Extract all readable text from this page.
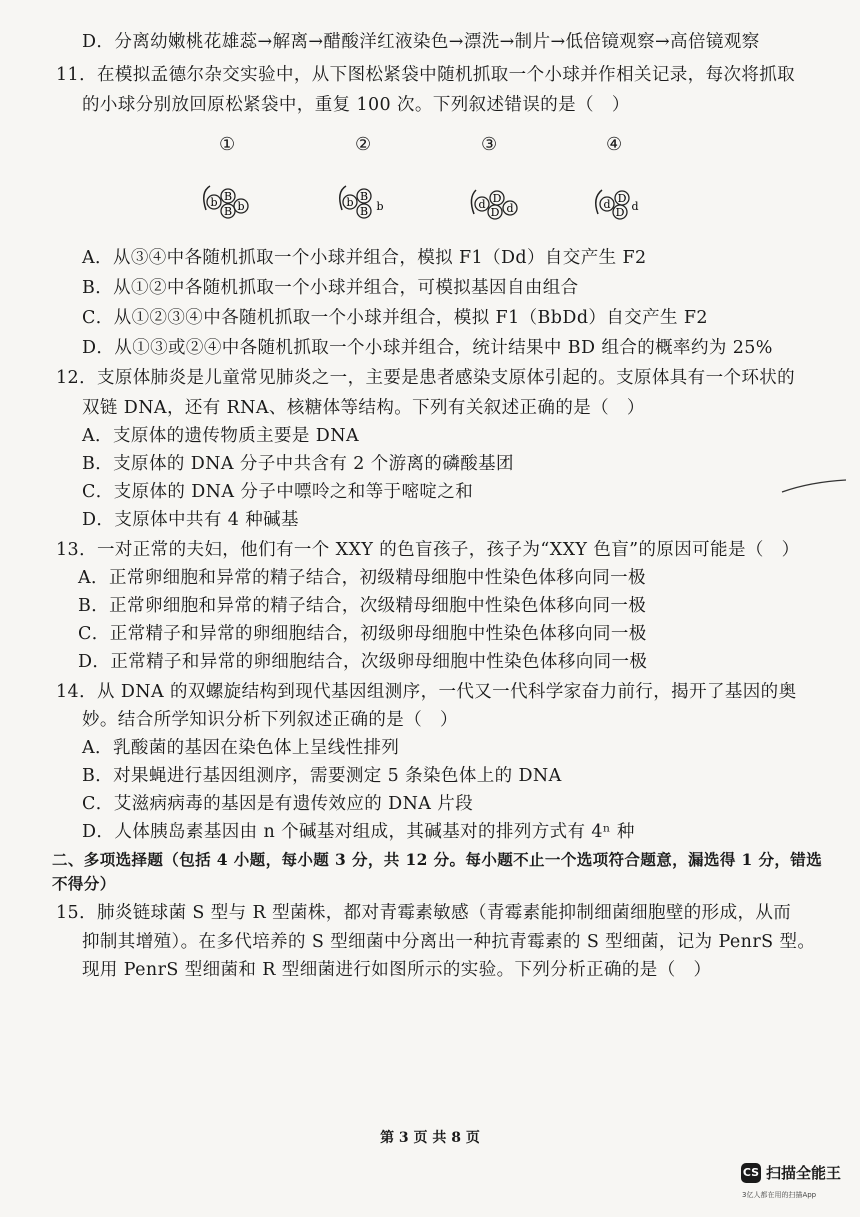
D．分离幼嫩桃花雄蕊→解离→醋酸洋红液染色→漂洗→制片→低倍镜观察→高倍镜观察
11．在模拟孟德尔杂交实验中，从下图松紧袋中随机抓取一个小球并作相关记录，每次将抓取
的小球分别放回原松紧袋中，重复 100 次。下列叙述错误的是（　）
①	②	③	④
b B
B b	b B
B b	d D
D d	d D
D d
A．从③④中各随机抓取一个小球并组合，模拟 F1（Dd）自交产生 F2
B．从①②中各随机抓取一个小球并组合，可模拟基因自由组合
C．从①②③④中各随机抓取一个小球并组合，模拟 F1（BbDd）自交产生 F2
D．从①③或②④中各随机抓取一个小球并组合，统计结果中 BD 组合的概率约为 25%
12．支原体肺炎是儿童常见肺炎之一，主要是患者感染支原体引起的。支原体具有一个环状的
双链 DNA，还有 RNA、核糖体等结构。下列有关叙述正确的是（　）
A．支原体的遗传物质主要是 DNA
B．支原体的 DNA 分子中共含有 2 个游离的磷酸基团
C．支原体的 DNA 分子中嘌呤之和等于嘧啶之和
D．支原体中共有 4 种碱基
13．一对正常的夫妇，他们有一个 XXY 的色盲孩子，孩子为“XXY 色盲”的原因可能是（　）
A．正常卵细胞和异常的精子结合，初级精母细胞中性染色体移向同一极
B．正常卵细胞和异常的精子结合，次级精母细胞中性染色体移向同一极
C．正常精子和异常的卵细胞结合，初级卵母细胞中性染色体移向同一极
D．正常精子和异常的卵细胞结合，次级卵母细胞中性染色体移向同一极
14．从 DNA 的双螺旋结构到现代基因组测序，一代又一代科学家奋力前行，揭开了基因的奥
妙。结合所学知识分析下列叙述正确的是（　）
A．乳酸菌的基因在染色体上呈线性排列
B．对果蝇进行基因组测序，需要测定 5 条染色体上的 DNA
C．艾滋病病毒的基因是有遗传效应的 DNA 片段
D．人体胰岛素基因由 n 个碱基对组成，其碱基对的排列方式有 4ⁿ 种
二、多项选择题（包括 4 小题，每小题 3 分，共 12 分。每小题不止一个选项符合题意，漏选得 1 分，错选
不得分）
15．肺炎链球菌 S 型与 R 型菌株，都对青霉素敏感（青霉素能抑制细菌细胞壁的形成，从而
抑制其增殖）。在多代培养的 S 型细菌中分离出一种抗青霉素的 S 型细菌，记为 PenrS 型。
现用 PenrS 型细菌和 R 型细菌进行如图所示的实验。下列分析正确的是（　）
第 3 页 共 8 页
CS 扫描全能王
3亿人都在用的扫描App
